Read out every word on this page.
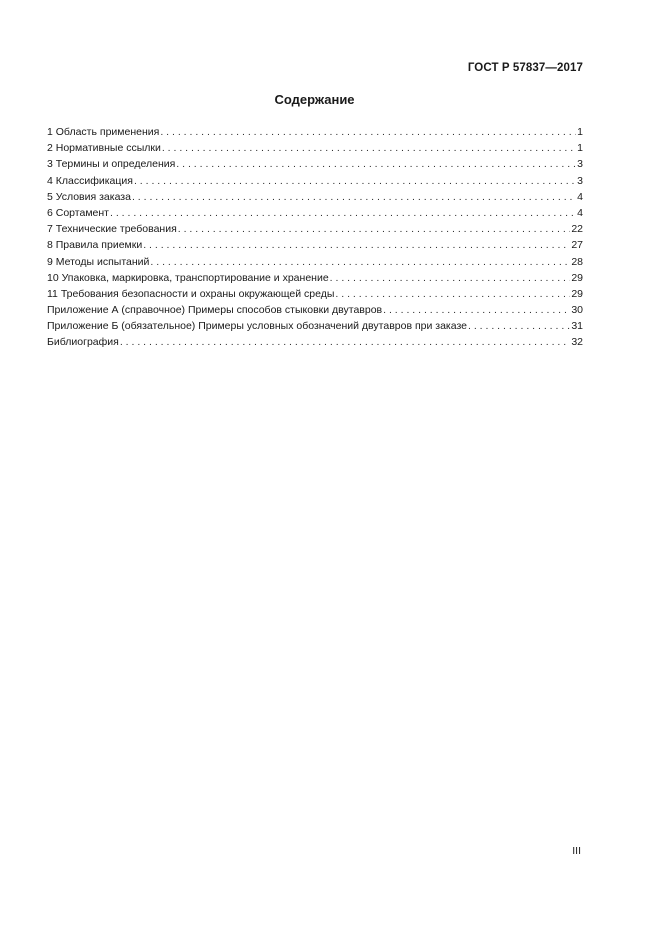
ГОСТ Р 57837—2017
Содержание
1 Область применения . . .	1
2 Нормативные ссылки . . .	1
3 Термины и определения . . .	3
4 Классификация . . .	3
5 Условия заказа . . .	4
6 Сортамент . . .	4
7 Технические требования . . .	22
8 Правила приемки . . .	27
9 Методы испытаний . . .	28
10 Упаковка, маркировка, транспортирование и хранение . . .	29
11 Требования безопасности и охраны окружающей среды . . .	29
Приложение А (справочное) Примеры способов стыковки двутавров . . .	30
Приложение Б (обязательное) Примеры условных обозначений двутавров при заказе . . .	31
Библиография . . .	32
III
